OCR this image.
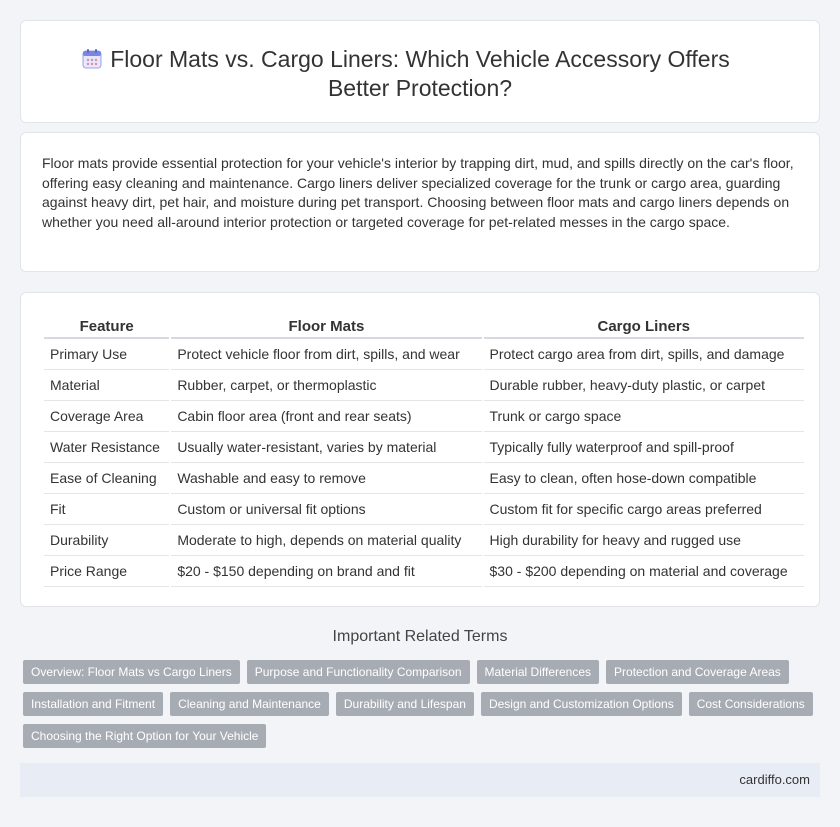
Floor Mats vs. Cargo Liners: Which Vehicle Accessory Offers Better Protection?

Floor mats provide essential protection for your vehicle's interior by trapping dirt, mud, and spills directly on the car's floor, offering easy cleaning and maintenance. Cargo liners deliver specialized coverage for the trunk or cargo area, guarding against heavy dirt, pet hair, and moisture during pet transport. Choosing between floor mats and cargo liners depends on whether you need all-around interior protection or targeted coverage for pet-related messes in the cargo space.

Feature	Floor Mats	Cargo Liners
Primary Use	Protect vehicle floor from dirt, spills, and wear	Protect cargo area from dirt, spills, and damage
Material	Rubber, carpet, or thermoplastic	Durable rubber, heavy-duty plastic, or carpet
Coverage Area	Cabin floor area (front and rear seats)	Trunk or cargo space
Water Resistance	Usually water-resistant, varies by material	Typically fully waterproof and spill-proof
Ease of Cleaning	Washable and easy to remove	Easy to clean, often hose-down compatible
Fit	Custom or universal fit options	Custom fit for specific cargo areas preferred
Durability	Moderate to high, depends on material quality	High durability for heavy and rugged use
Price Range	$20 - $150 depending on brand and fit	$30 - $200 depending on material and coverage
Important Related Terms
Overview: Floor Mats vs Cargo Liners	Purpose and Functionality Comparison	Material Differences	Protection and Coverage Areas
Installation and Fitment	Cleaning and Maintenance	Durability and Lifespan	Design and Customization Options	Cost Considerations
Choosing the Right Option for Your Vehicle
cardiffo.com
